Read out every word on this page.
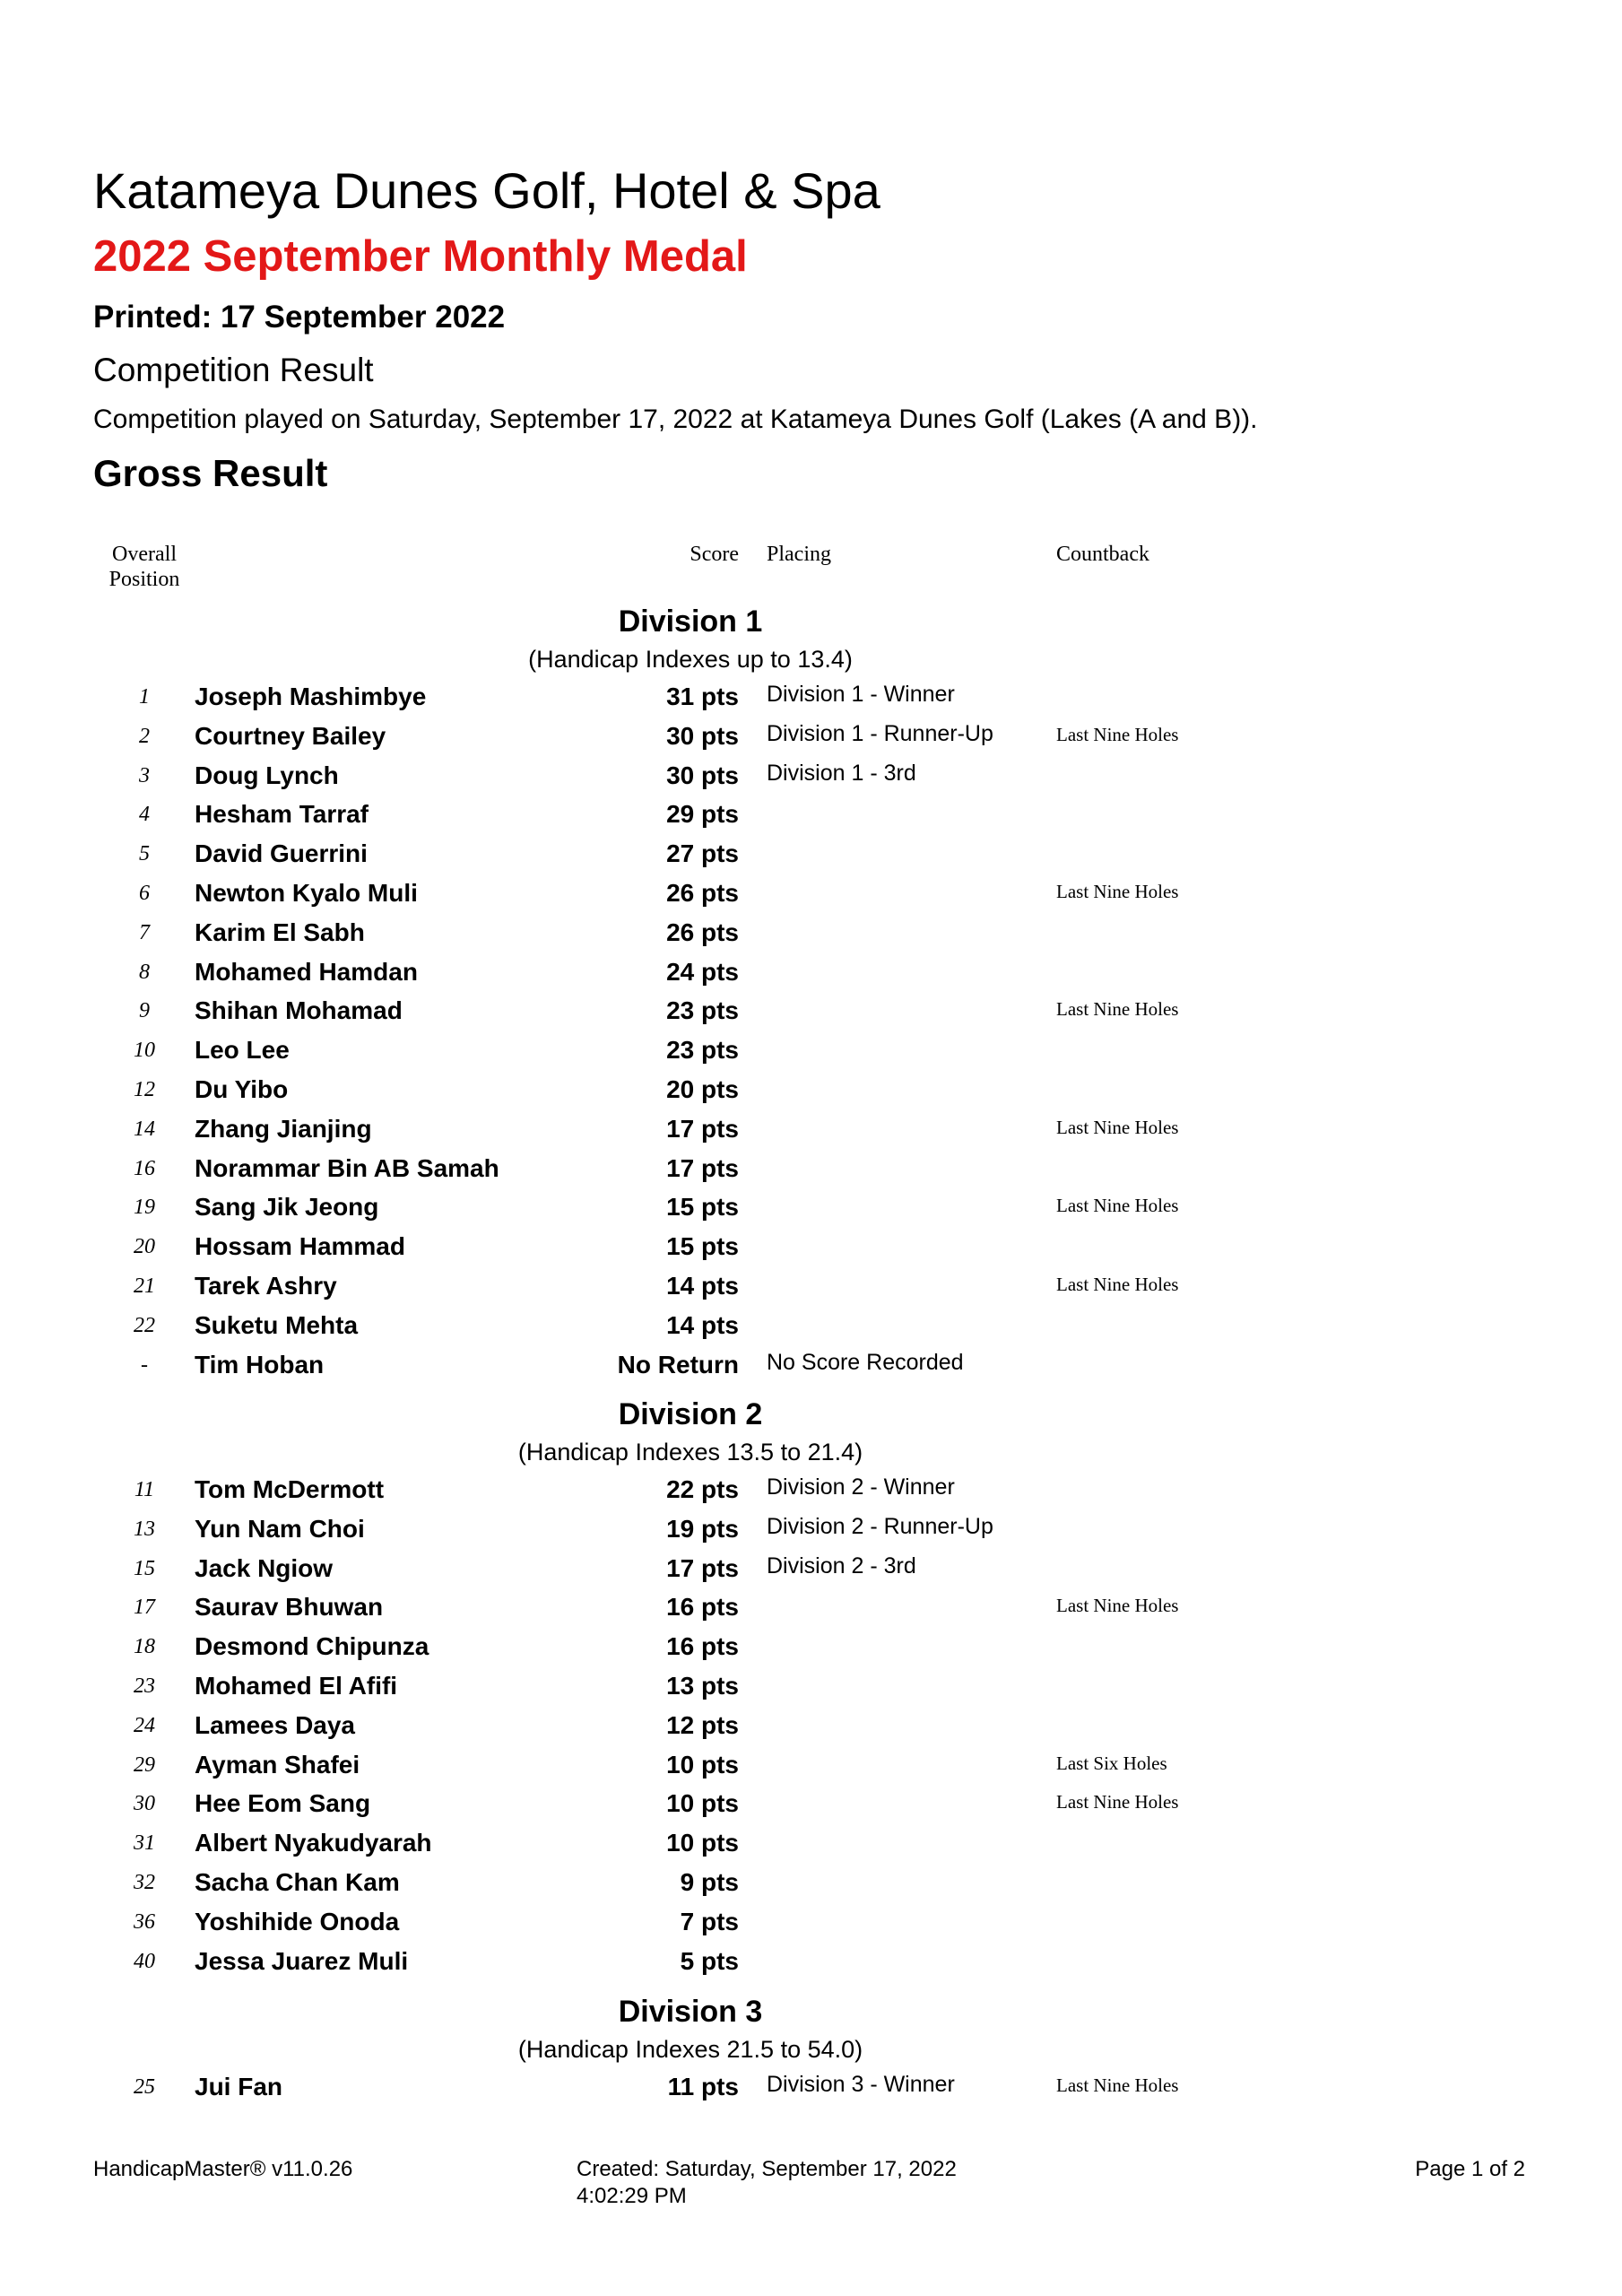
Katameya Dunes Golf, Hotel & Spa
2022 September Monthly Medal
Printed: 17 September 2022
Competition Result
Competition played on Saturday, September 17, 2022 at Katameya Dunes Golf (Lakes (A and B)).
Gross Result
Overall
Position
Score Placing	Countback
Division 1
(Handicap Indexes up to 13.4)
1	Joseph Mashimbye	31 pts Division 1 - Winner
2	Courtney Bailey	30 pts Division 1 - Runner-Up	Last Nine Holes
3	Doug Lynch	30 pts Division 1 - 3rd
4	Hesham Tarraf	29 pts
5	David Guerrini	27 pts
6	Newton Kyalo Muli	26 pts	Last Nine Holes
7	Karim El Sabh	26 pts
8	Mohamed Hamdan	24 pts
9	Shihan Mohamad	23 pts	Last Nine Holes
10	Leo Lee	23 pts
12	Du Yibo	20 pts
14	Zhang Jianjing	17 pts	Last Nine Holes
16	Norammar Bin AB Samah	17 pts
19	Sang Jik Jeong	15 pts	Last Nine Holes
20	Hossam Hammad	15 pts
21	Tarek Ashry	14 pts	Last Nine Holes
22	Suketu Mehta	14 pts
-	Tim Hoban	No Return No Score Recorded
Division 2
(Handicap Indexes 13.5 to 21.4)
11	Tom McDermott	22 pts Division 2 - Winner
13	Yun Nam Choi	19 pts Division 2 - Runner-Up
15	Jack Ngiow	17 pts Division 2 - 3rd
17	Saurav Bhuwan	16 pts	Last Nine Holes
18	Desmond Chipunza	16 pts
23	Mohamed El Afifi	13 pts
24	Lamees Daya	12 pts
29	Ayman Shafei	10 pts	Last Six Holes
30	Hee Eom Sang	10 pts	Last Nine Holes
31	Albert Nyakudyarah	10 pts
32	Sacha Chan Kam	9 pts
36	Yoshihide Onoda	7 pts
40	Jessa Juarez Muli	5 pts
Division 3
(Handicap Indexes 21.5 to 54.0)
25	Jui Fan	11 pts Division 3 - Winner	Last Nine Holes
HandicapMaster® v11.0.26	Created: Saturday, September 17, 2022
4:02:29 PM
Page 1 of 2
